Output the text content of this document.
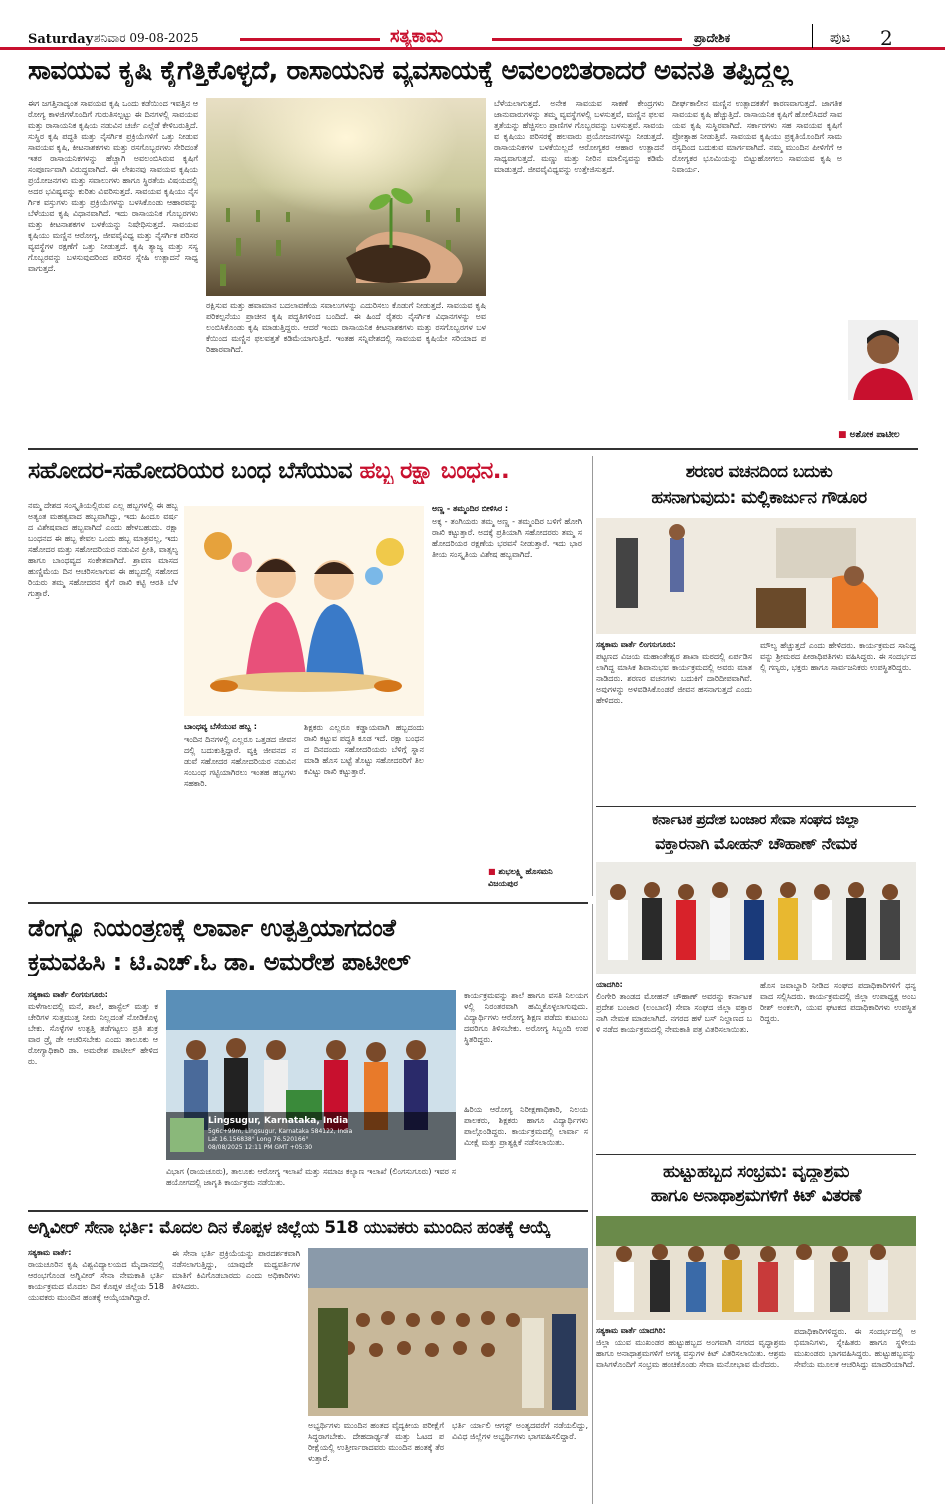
Saturday ಶನಿವಾರ 09-08-2025	ಸತ್ಯಕಾಮ	ಪ್ರಾದೇಶಿಕ	ಪುಟ 2
ಸಾವಯವ ಕೃಷಿ ಕೈಗೆತ್ತಿಕೊಳ್ಳದೆ, ರಾಸಾಯನಿಕ ವ್ಯವಸಾಯಕ್ಕೆ ಅವಲಂಬಿತರಾದರೆ ಅವನತಿ ತಪ್ಪಿದ್ದಲ್ಲ
ಈಗ ಜಗತ್ತಿನಾದ್ಯಂತ ಸಾವಯವ ಕೃಷಿ ಒಂದು ಕಡೆಯಿಂದ ಇವತ್ತಿನ ಆರೋಗ್ಯ ಕಾಳಜಿಗಳೊಂದಿಗೆ ಗುರುತಿಸಲ್ಪಟ್ಟು ಈ ದಿನಗಳಲ್ಲಿ ಸಾವಯವ ಮತ್ತು ರಾಸಾಯನಿಕ ಕೃಷಿಯ ನಡುವಿನ ಚರ್ಚೆ ಎಲ್ಲೆಡೆ ಕೇಳಿಬರುತ್ತಿದೆ. ಸುಸ್ಥಿರ ಕೃಷಿ ಪದ್ಧತಿ ಮತ್ತು ನೈಸರ್ಗಿಕ ಪ್ರಕ್ರಿಯೆಗಳಿಗೆ ಒತ್ತು ನೀಡುವ ಸಾವಯವ ಕೃಷಿ, ಕೀಟನಾಶಕಗಳು ಮತ್ತು ರಸಗೊಬ್ಬರಗಳು ಸೇರಿದಂತೆ ಇತರ ರಾಸಾಯನಿಕಗಳನ್ನು ಹೆಚ್ಚಾಗಿ ಅವಲಂಬಿಸಿರುವ ಕೃಷಿಗೆ ಸಂಪೂರ್ಣವಾಗಿ ವಿರುದ್ಧವಾಗಿದೆ. ಈ ಲೇಖನವು ಸಾವಯವ ಕೃಷಿಯ ಪ್ರಯೋಜನಗಳು ಮತ್ತು ಸವಾಲುಗಳು ಹಾಗೂ ಸ್ಥಿರತೆಯ ವಿಷಯದಲ್ಲಿ ಅದರ ಭವಿಷ್ಯವನ್ನು ಕುರಿತು ವಿವರಿಸುತ್ತದೆ. ಸಾವಯವ ಕೃಷಿಯು ನೈಸರ್ಗಿಕ ವಸ್ತುಗಳು ಮತ್ತು ಪ್ರಕ್ರಿಯೆಗಳನ್ನು ಬಳಸಿಕೊಂಡು ಆಹಾರವನ್ನು ಬೆಳೆಯುವ ಕೃಷಿ ವಿಧಾನವಾಗಿದೆ. ಇದು ರಾಸಾಯನಿಕ ಗೊಬ್ಬರಗಳು ಮತ್ತು ಕೀಟನಾಶಕಗಳ ಬಳಕೆಯನ್ನು ನಿಷೇಧಿಸುತ್ತದೆ. ಸಾವಯವ ಕೃಷಿಯು ಮಣ್ಣಿನ ಆರೋಗ್ಯ, ಜೀವವೈವಿಧ್ಯ ಮತ್ತು ನೈಸರ್ಗಿಕ ಪರಿಸರ ವ್ಯವಸ್ಥೆಗಳ ರಕ್ಷಣೆಗೆ ಒತ್ತು ನೀಡುತ್ತದೆ. ಕೃಷಿ ತ್ಯಾಜ್ಯ ಮತ್ತು ಸಸ್ಯ ಗೊಬ್ಬರವನ್ನು ಬಳಸುವುದರಿಂದ ಪರಿಸರ ಸ್ನೇಹಿ ಉತ್ಪಾದನೆ ಸಾಧ್ಯವಾಗುತ್ತದೆ.
ರಕ್ಷಿಸುವ ಮತ್ತು ಹವಾಮಾನ ಬದಲಾವಣೆಯ ಸವಾಲುಗಳನ್ನು ಎದುರಿಸಲು ಕೊಡುಗೆ ನೀಡುತ್ತದೆ. ಸಾವಯವ ಕೃಷಿ ಪರಿಕಲ್ಪನೆಯು ಪ್ರಾಚೀನ ಕೃಷಿ ಪದ್ಧತಿಗಳಿಂದ ಬಂದಿದೆ. ಈ ಹಿಂದೆ ರೈತರು ನೈಸರ್ಗಿಕ ವಿಧಾನಗಳನ್ನು ಅವಲಂಬಿಸಿಕೊಂಡು ಕೃಷಿ ಮಾಡುತ್ತಿದ್ದರು. ಆದರೆ ಇಂದು ರಾಸಾಯನಿಕ ಕೀಟನಾಶಕಗಳು ಮತ್ತು ರಸಗೊಬ್ಬರಗಳ ಬಳಕೆಯಿಂದ ಮಣ್ಣಿನ ಫಲವತ್ತತೆ ಕಡಿಮೆಯಾಗುತ್ತಿದೆ. ಇಂತಹ ಸನ್ನಿವೇಶದಲ್ಲಿ ಸಾವಯವ ಕೃಷಿಯೇ ಸರಿಯಾದ ಪರಿಹಾರವಾಗಿದೆ.
ಬೆಳೆಯಲಾಗುತ್ತದೆ. ಅನೇಕ ಸಾವಯವ ಸಾಕಣೆ ಕೇಂದ್ರಗಳು ಜಾನುವಾರುಗಳನ್ನು ತಮ್ಮ ವ್ಯವಸ್ಥೆಗಳಲ್ಲಿ ಬಳಸುತ್ತವೆ, ಮಣ್ಣಿನ ಫಲವತ್ತತೆಯನ್ನು ಹೆಚ್ಚಿಸಲು ಪ್ರಾಣಿಗಳ ಗೊಬ್ಬರವನ್ನು ಬಳಸುತ್ತವೆ. ಸಾವಯವ ಕೃಷಿಯು ಪರಿಸರಕ್ಕೆ ಹಲವಾರು ಪ್ರಯೋಜನಗಳನ್ನು ನೀಡುತ್ತದೆ. ರಾಸಾಯನಿಕಗಳ ಬಳಕೆಯಿಲ್ಲದೆ ಆರೋಗ್ಯಕರ ಆಹಾರ ಉತ್ಪಾದನೆ ಸಾಧ್ಯವಾಗುತ್ತದೆ. ಮಣ್ಣು ಮತ್ತು ನೀರಿನ ಮಾಲಿನ್ಯವನ್ನು ಕಡಿಮೆ ಮಾಡುತ್ತದೆ. ಜೀವವೈವಿಧ್ಯವನ್ನು ಉತ್ತೇಜಿಸುತ್ತದೆ.
ದೀರ್ಘಕಾಲೀನ ಮಣ್ಣಿನ ಉತ್ಪಾದಕತೆಗೆ ಕಾರಣವಾಗುತ್ತದೆ. ಜಾಗತಿಕ ಸಾವಯವ ಕೃಷಿ ಹೆಚ್ಚುತ್ತಿದೆ. ರಾಸಾಯನಿಕ ಕೃಷಿಗೆ ಹೋಲಿಸಿದರೆ ಸಾವಯವ ಕೃಷಿ ಸುಸ್ಥಿರವಾಗಿದೆ. ಸರ್ಕಾರಗಳು ಸಹ ಸಾವಯವ ಕೃಷಿಗೆ ಪ್ರೋತ್ಸಾಹ ನೀಡುತ್ತಿವೆ. ಸಾವಯವ ಕೃಷಿಯು ಪ್ರಕೃತಿಯೊಂದಿಗೆ ಸಾಮರಸ್ಯದಿಂದ ಬದುಕುವ ಮಾರ್ಗವಾಗಿದೆ. ನಮ್ಮ ಮುಂದಿನ ಪೀಳಿಗೆಗೆ ಆರೋಗ್ಯಕರ ಭೂಮಿಯನ್ನು ಬಿಟ್ಟುಹೋಗಲು ಸಾವಯವ ಕೃಷಿ ಅನಿವಾರ್ಯ.
■ ಅಶೋಕ ಪಾಟೀಲ
ಸಹೋದರ-ಸಹೋದರಿಯರ ಬಂಧ ಬೆಸೆಯುವ ಹಬ್ಬ ರಕ್ಷಾ ಬಂಧನ..
ನಮ್ಮ ದೇಶದ ಸಂಸ್ಕೃತಿಯಲ್ಲಿರುವ ಎಲ್ಲ ಹಬ್ಬಗಳಲ್ಲಿ ಈ ಹಬ್ಬ ಅತ್ಯಂತ ಮಹತ್ವವಾದ ಹಬ್ಬವಾಗಿದ್ದು, ಇದು ಹಿಂದೂ ವರ್ಷದ ವಿಶೇಷವಾದ ಹಬ್ಬವಾಗಿದೆ ಎಂದು ಹೇಳಬಹುದು. ರಕ್ಷಾ ಬಂಧನದ ಈ ಹಬ್ಬ ಕೇವಲ ಒಂದು ಹಬ್ಬ ಮಾತ್ರವಲ್ಲ, ಇದು ಸಹೋದರ ಮತ್ತು ಸಹೋದರಿಯರ ನಡುವಿನ ಪ್ರೀತಿ, ವಾತ್ಸಲ್ಯ ಹಾಗೂ ಬಾಂಧವ್ಯದ ಸಂಕೇತವಾಗಿದೆ. ಶ್ರಾವಣ ಮಾಸದ ಹುಣ್ಣಿಮೆಯ ದಿನ ಆಚರಿಸಲಾಗುವ ಈ ಹಬ್ಬದಲ್ಲಿ ಸಹೋದರಿಯರು ತಮ್ಮ ಸಹೋದರನ ಕೈಗೆ ರಾಖಿ ಕಟ್ಟಿ ಆರತಿ ಬೆಳಗುತ್ತಾರೆ.
ಬಾಂಧವ್ಯ ಬೆಸೆಯುವ ಹಬ್ಬ :
ಇಂದಿನ ದಿನಗಳಲ್ಲಿ ಎಲ್ಲರೂ ಒತ್ತಡದ ಜೀವನದಲ್ಲಿ ಬದುಕುತ್ತಿದ್ದಾರೆ. ವ್ಯಕ್ತಿ ಜೀವನದ ನಡುವೆ ಸಹೋದರ ಸಹೋದರಿಯರ ನಡುವಿನ ಸಂಬಂಧ ಗಟ್ಟಿಯಾಗಿರಲು ಇಂತಹ ಹಬ್ಬಗಳು ಸಹಕಾರಿ.
ಶಿಕ್ಷಕರು ಎಲ್ಲರೂ ಕಡ್ಡಾಯವಾಗಿ ಹಬ್ಬದಂದು ರಾಖಿ ಕಟ್ಟುವ ಪದ್ಧತಿ ಕೂಡ ಇದೆ. ರಕ್ಷಾ ಬಂಧನದ ದಿನದಂದು ಸಹೋದರಿಯರು ಬೆಳಿಗ್ಗೆ ಸ್ನಾನ ಮಾಡಿ ಹೊಸ ಬಟ್ಟೆ ತೊಟ್ಟು ಸಹೋದರರಿಗೆ ತಿಲಕವಿಟ್ಟು ರಾಖಿ ಕಟ್ಟುತ್ತಾರೆ.
ಅಣ್ಣ - ತಮ್ಮಂದಿರ ಬೀಳಿಸಿರ :
ಅಕ್ಕ - ತಂಗಿಯರು ತಮ್ಮ ಅಣ್ಣ - ತಮ್ಮಂದಿರ ಬಳಿಗೆ ಹೋಗಿ ರಾಖಿ ಕಟ್ಟುತ್ತಾರೆ. ಅದಕ್ಕೆ ಪ್ರತಿಯಾಗಿ ಸಹೋದರರು ತಮ್ಮ ಸಹೋದರಿಯರ ರಕ್ಷಣೆಯ ಭರವಸೆ ನೀಡುತ್ತಾರೆ. ಇದು ಭಾರತೀಯ ಸಂಸ್ಕೃತಿಯ ವಿಶೇಷ ಹಬ್ಬವಾಗಿದೆ.
■ ಶುಭಲಕ್ಷ್ಮಿ ಹೊಸಮನಿ ವಿಜಯಪುರ
ಶರಣರ ವಚನದಿಂದ ಬದುಕು
ಹಸನಾಗುವುದು: ಮಲ್ಲಿಕಾರ್ಜುನ ಗೌಡೂರ
ಸತ್ಯಕಾಮ ವಾರ್ತೆ ಲಿಂಗಸುಗೂರು:
ಪಟ್ಟಣದ ವಿಜಯ ಮಹಾಂತೇಶ್ವರ ಶಾಖಾ ಮಠದಲ್ಲಿ ಏರ್ಪಡಿಸಲಾಗಿದ್ದ ಮಾಸಿಕ ಶಿವಾನುಭವ ಕಾರ್ಯಕ್ರಮದಲ್ಲಿ ಅವರು ಮಾತನಾಡಿದರು. ಶರಣರ ವಚನಗಳು ಬದುಕಿಗೆ ದಾರಿದೀಪವಾಗಿವೆ. ಅವುಗಳನ್ನು ಅಳವಡಿಸಿಕೊಂಡರೆ ಜೀವನ ಹಸನಾಗುತ್ತದೆ ಎಂದು ಹೇಳಿದರು.
ಮೌಲ್ಯ ಹೆಚ್ಚುತ್ತದೆ ಎಂದು ಹೇಳಿದರು. ಕಾರ್ಯಕ್ರಮದ ಸಾನಿಧ್ಯವನ್ನು ಶ್ರೀಮಠದ ಪೀಠಾಧಿಪತಿಗಳು ವಹಿಸಿದ್ದರು. ಈ ಸಂದರ್ಭದಲ್ಲಿ ಗಣ್ಯರು, ಭಕ್ತರು ಹಾಗೂ ಸಾರ್ವಜನಿಕರು ಉಪಸ್ಥಿತರಿದ್ದರು.
ಕರ್ನಾಟಕ ಪ್ರದೇಶ ಬಂಜಾರ ಸೇವಾ ಸಂಘದ ಜಿಲ್ಲಾ
ವಕ್ತಾರನಾಗಿ ಮೋಹನ್ ಚೌಹಾಣ್ ನೇಮಕ
ಯಾದಗಿರಿ:
ಲಿಂಗೇರಿ ತಾಂಡದ ಮೋಹನ್ ಚೌಹಾಣ್ ಅವರನ್ನು ಕರ್ನಾಟಕ ಪ್ರದೇಶ ಬಂಜಾರ (ಲಂಬಾಣಿ) ಸೇವಾ ಸಂಘದ ಜಿಲ್ಲಾ ವಕ್ತಾರನಾಗಿ ನೇಮಕ ಮಾಡಲಾಗಿದೆ. ನಗರದ ಹಳೆ ಬಸ್ ನಿಲ್ದಾಣದ ಬಳಿ ನಡೆದ ಕಾರ್ಯಕ್ರಮದಲ್ಲಿ ನೇಮಕಾತಿ ಪತ್ರ ವಿತರಿಸಲಾಯಿತು.
ಹೊಸ ಜವಾಬ್ದಾರಿ ನೀಡಿದ ಸಂಘದ ಪದಾಧಿಕಾರಿಗಳಿಗೆ ಧನ್ಯವಾದ ಸಲ್ಲಿಸಿದರು. ಕಾರ್ಯಕ್ರಮದಲ್ಲಿ ಜಿಲ್ಲಾ ಉಪಾಧ್ಯಕ್ಷ ಅಂಬರೀಶ್ ಅಂಕಲಗಿ, ಯುವ ಘಟಕದ ಪದಾಧಿಕಾರಿಗಳು ಉಪಸ್ಥಿತರಿದ್ದರು.
ಡೆಂಗ್ಯೂ ನಿಯಂತ್ರಣಕ್ಕೆ ಲಾರ್ವಾ ಉತ್ಪತ್ತಿಯಾಗದಂತೆ
ಕ್ರಮವಹಿಸಿ : ಟಿ.ಎಚ್.ಓ ಡಾ. ಅಮರೇಶ ಪಾಟೀಲ್
ಸತ್ಯಕಾಮ ವಾರ್ತೆ ಲಿಂಗಸುಗೂರು:
ಮಳೆಗಾಲದಲ್ಲಿ ಮನೆ, ಶಾಲೆ, ಹಾಸ್ಟೆಲ್ ಮತ್ತು ಕಚೇರಿಗಳ ಸುತ್ತಮುತ್ತ ನೀರು ನಿಲ್ಲದಂತೆ ನೋಡಿಕೊಳ್ಳಬೇಕು. ಸೊಳ್ಳೆಗಳ ಉತ್ಪತ್ತಿ ತಡೆಗಟ್ಟಲು ಪ್ರತಿ ಶುಕ್ರವಾರ ಡ್ರೈ ಡೇ ಆಚರಿಸಬೇಕು ಎಂದು ತಾಲೂಕು ಆರೋಗ್ಯಾಧಿಕಾರಿ ಡಾ. ಅಮರೇಶ ಪಾಟೀಲ್ ಹೇಳಿದರು.
Lingsugur, Karnataka, India
5g6c+99m, Lingsugur, Karnataka 584122, India
Lat 16.156838° Long 76.520166°
08/08/2025 12:11 PM GMT +05:30
ವಿಭಾಗ (ರಾಯಚೂರು), ತಾಲೂಕು ಆರೋಗ್ಯ ಇಲಾಖೆ ಮತ್ತು ಸಮಾಜ ಕಲ್ಯಾಣ ಇಲಾಖೆ (ಲಿಂಗಸುಗೂರು) ಇವರ ಸಹಯೋಗದಲ್ಲಿ ಜಾಗೃತಿ ಕಾರ್ಯಕ್ರಮ ನಡೆಯಿತು.
ಕಾರ್ಯಕ್ರಮವನ್ನು ಶಾಲೆ ಹಾಗೂ ವಸತಿ ನಿಲಯಗಳಲ್ಲಿ ನಿರಂತರವಾಗಿ ಹಮ್ಮಿಕೊಳ್ಳಲಾಗುವುದು. ವಿದ್ಯಾರ್ಥಿಗಳು ಆರೋಗ್ಯ ಶಿಕ್ಷಣ ಪಡೆದು ಕುಟುಂಬದವರಿಗೂ ತಿಳಿಸಬೇಕು. ಅರೋಗ್ಯ ಸಿಬ್ಬಂದಿ ಉಪಸ್ಥಿತರಿದ್ದರು.
ಹಿರಿಯ ಆರೋಗ್ಯ ನಿರೀಕ್ಷಣಾಧಿಕಾರಿ, ನಿಲಯ ಪಾಲಕರು, ಶಿಕ್ಷಕರು ಹಾಗೂ ವಿದ್ಯಾರ್ಥಿಗಳು ಪಾಲ್ಗೊಂಡಿದ್ದರು. ಕಾರ್ಯಕ್ರಮದಲ್ಲಿ ಲಾರ್ವಾ ಸಮೀಕ್ಷೆ ಮತ್ತು ಪ್ರಾತ್ಯಕ್ಷಿಕೆ ನಡೆಸಲಾಯಿತು.
ಹುಟ್ಟುಹಬ್ಬದ ಸಂಭ್ರಮ: ವೃದ್ಧಾಶ್ರಮ
ಹಾಗೂ ಅನಾಥಾಶ್ರಮಗಳಿಗೆ ಕಿಟ್ ವಿತರಣೆ
ಸತ್ಯಕಾಮ ವಾರ್ತೆ ಯಾದಗಿರಿ:
ಜಿಲ್ಲಾ ಯುವ ಮುಖಂಡರ ಹುಟ್ಟುಹಬ್ಬದ ಅಂಗವಾಗಿ ನಗರದ ವೃದ್ಧಾಶ್ರಮ ಹಾಗೂ ಅನಾಥಾಶ್ರಮಗಳಿಗೆ ಅಗತ್ಯ ವಸ್ತುಗಳ ಕಿಟ್ ವಿತರಿಸಲಾಯಿತು. ಆಶ್ರಮ ವಾಸಿಗಳೊಂದಿಗೆ ಸಂಭ್ರಮ ಹಂಚಿಕೊಂಡು ಸೇವಾ ಮನೋಭಾವ ಮೆರೆದರು.
ಪದಾಧಿಕಾರಿಗಳಿದ್ದರು. ಈ ಸಂದರ್ಭದಲ್ಲಿ ಅಭಿಮಾನಿಗಳು, ಸ್ನೇಹಿತರು ಹಾಗೂ ಸ್ಥಳೀಯ ಮುಖಂಡರು ಭಾಗವಹಿಸಿದ್ದರು. ಹುಟ್ಟುಹಬ್ಬವನ್ನು ಸೇವೆಯ ಮೂಲಕ ಆಚರಿಸಿದ್ದು ಮಾದರಿಯಾಗಿದೆ.
ಅಗ್ನಿವೀರ್ ಸೇನಾ ಭರ್ತಿ: ಮೊದಲ ದಿನ ಕೊಪ್ಪಳ ಜಿಲ್ಲೆಯ 518 ಯುವಕರು ಮುಂದಿನ ಹಂತಕ್ಕೆ ಆಯ್ಕೆ
ಸತ್ಯಕಾಮ ವಾರ್ತೆ:
ರಾಯಚೂರಿನ ಕೃಷಿ ವಿಶ್ವವಿದ್ಯಾಲಯದ ಮೈದಾನದಲ್ಲಿ ಆರಂಭಗೊಂಡ ಅಗ್ನಿವೀರ್ ಸೇನಾ ನೇಮಕಾತಿ ಭರ್ತಿ ಕಾರ್ಯಕ್ರಮದ ಮೊದಲ ದಿನ ಕೊಪ್ಪಳ ಜಿಲ್ಲೆಯ 518 ಯುವಕರು ಮುಂದಿನ ಹಂತಕ್ಕೆ ಆಯ್ಕೆಯಾಗಿದ್ದಾರೆ.
ಈ ಸೇನಾ ಭರ್ತಿ ಪ್ರಕ್ರಿಯೆಯನ್ನು ಪಾರದರ್ಶಕವಾಗಿ ನಡೆಸಲಾಗುತ್ತಿದ್ದು, ಯಾವುದೇ ಮಧ್ಯವರ್ತಿಗಳ ಮಾತಿಗೆ ಕಿವಿಗೊಡಬಾರದು ಎಂದು ಅಧಿಕಾರಿಗಳು ತಿಳಿಸಿದರು.
ಅಭ್ಯರ್ಥಿಗಳು ಮುಂದಿನ ಹಂತದ ವೈದ್ಯಕೀಯ ಪರೀಕ್ಷೆಗೆ ಸಿದ್ಧರಾಗಬೇಕು. ದೇಹದಾರ್ಢ್ಯತೆ ಮತ್ತು ಓಟದ ಪರೀಕ್ಷೆಯಲ್ಲಿ ಉತ್ತೀರ್ಣರಾದವರು ಮುಂದಿನ ಹಂತಕ್ಕೆ ತೆರಳುತ್ತಾರೆ.
ಭರ್ತಿ ರ್ಯಾಲಿ ಆಗಸ್ಟ್ ಅಂತ್ಯದವರೆಗೆ ನಡೆಯಲಿದ್ದು, ವಿವಿಧ ಜಿಲ್ಲೆಗಳ ಅಭ್ಯರ್ಥಿಗಳು ಭಾಗವಹಿಸಲಿದ್ದಾರೆ.
